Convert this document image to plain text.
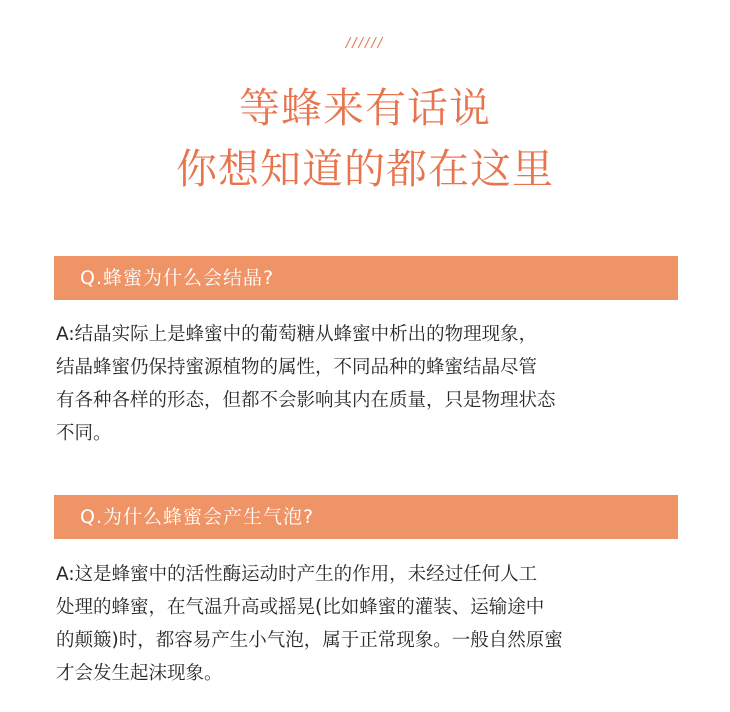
//////
等蜂来有话说
你想知道的都在这里
Q.蜂蜜为什么会结晶?
A:结晶实际上是蜂蜜中的葡萄糖从蜂蜜中析出的物理现象，
结晶蜂蜜仍保持蜜源植物的属性，不同品种的蜂蜜结晶尽管
有各种各样的形态，但都不会影响其内在质量，只是物理状态
不同。
Q.为什么蜂蜜会产生气泡?
A:这是蜂蜜中的活性酶运动时产生的作用，未经过任何人工
处理的蜂蜜，在气温升高或摇晃(比如蜂蜜的灌装、运输途中
的颠簸)时，都容易产生小气泡，属于正常现象。一般自然原蜜
才会发生起沫现象。
